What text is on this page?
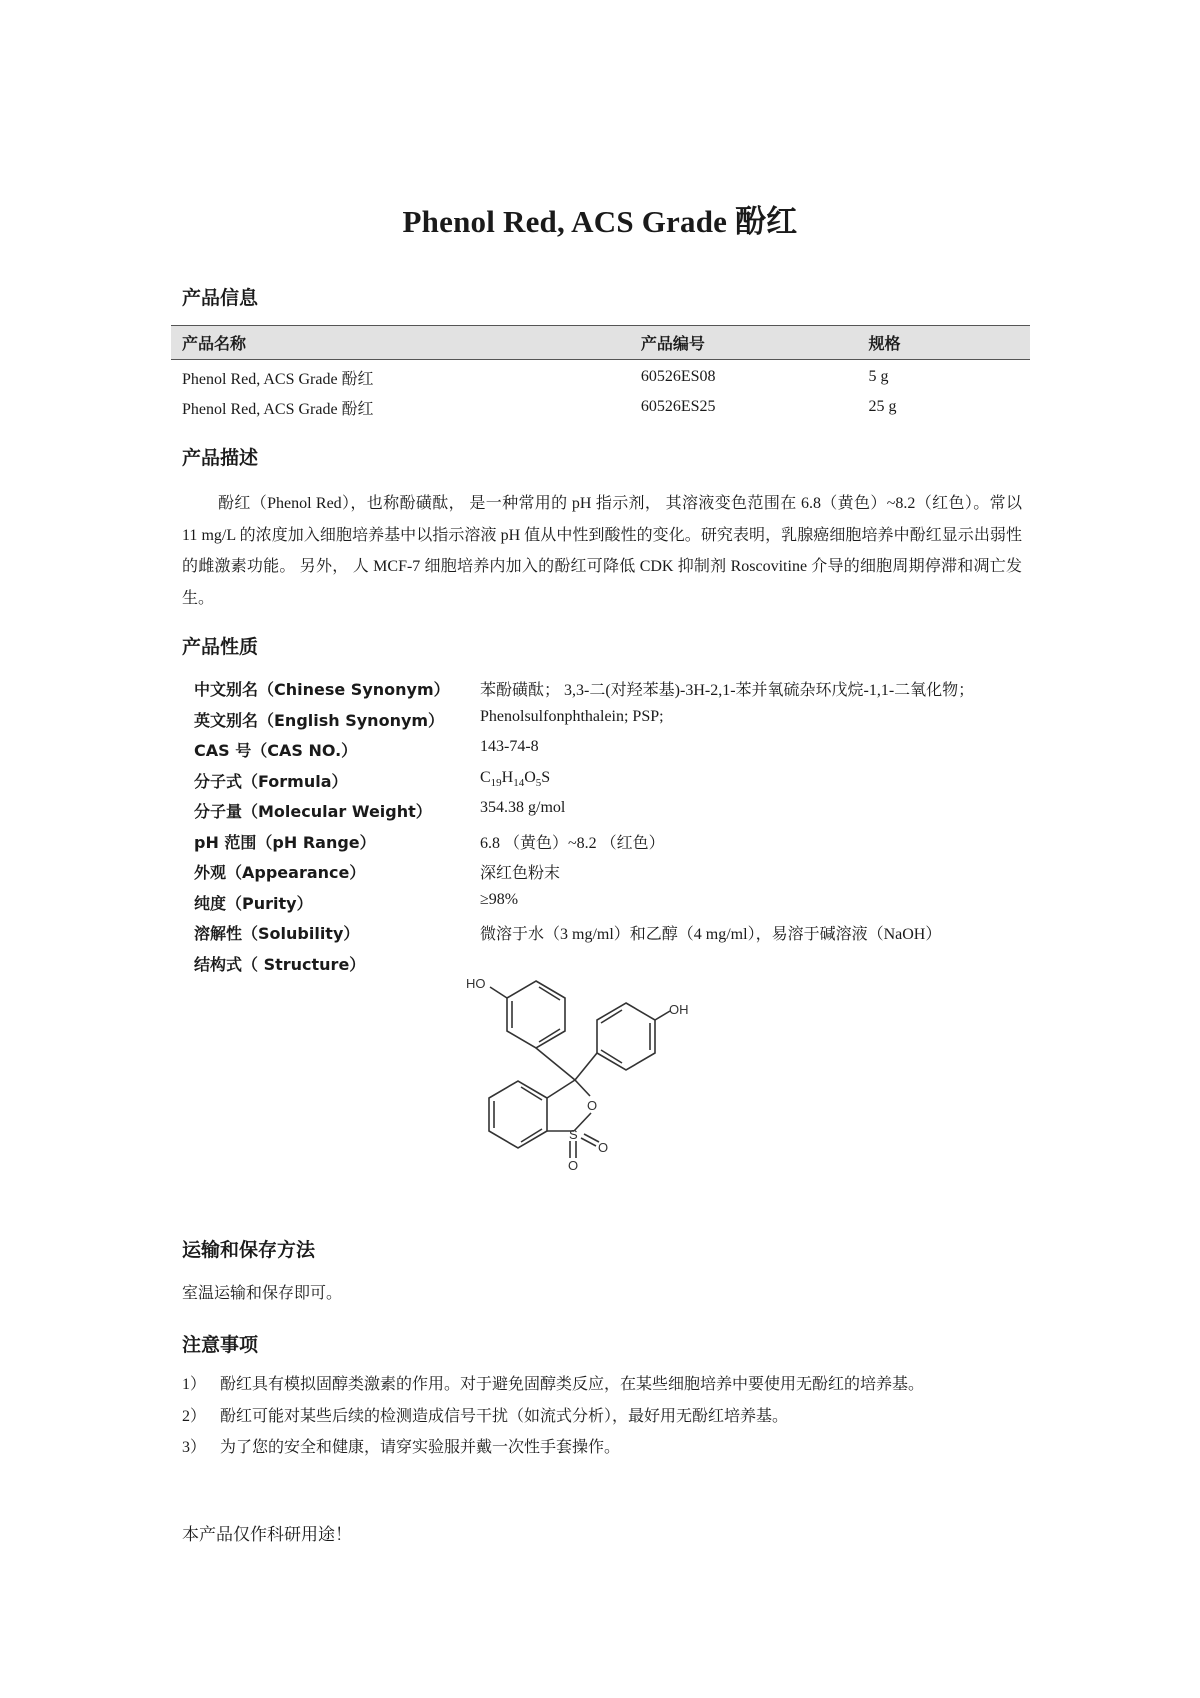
Phenol Red, ACS Grade 酚红
产品信息
产品名称	产品编号	规格
Phenol Red, ACS Grade 酚红	60526ES08	5 g
Phenol Red, ACS Grade 酚红	60526ES25	25 g
产品描述

酚红（Phenol Red），也称酚磺酞， 是一种常用的 pH 指示剂， 其溶液变色范围在 6.8（黄色）~8.2（红色）。常以 11 mg/L 的浓度加入细胞培养基中以指示溶液 pH 值从中性到酸性的变化。研究表明，乳腺癌细胞培养中酚红显示出弱性的雌激素功能。 另外， 人 MCF-7 细胞培养内加入的酚红可降低 CDK 抑制剂 Roscovitine 介导的细胞周期停滞和凋亡发生。

产品性质
中文别名（Chinese Synonym） 苯酚磺酞； 3,3-二(对羟苯基)-3H-2,1-苯并氧硫杂环戊烷-1,1-二氧化物；
英文别名（English Synonym） Phenolsulfonphthalein; PSP;
CAS 号（CAS NO.）	143-74-8
分子式（Formula）	$C_{19}H_{14}O_5S$
分子量（Molecular Weight）	354.38 g/mol
pH 范围（pH Range）	6.8 （黄色）~8.2 （红色）
外观（Appearance）	深红色粉末
纯度（Purity）	≥98%
溶解性（Solubility）	微溶于水（3 mg/ml）和乙醇（4 mg/ml），易溶于碱溶液（NaOH）
结构式（ Structure）
HO
OH
O
S
O
O
运输和保存方法

室温运输和保存即可。

注意事项
1） 酚红具有模拟固醇类激素的作用。对于避免固醇类反应，在某些细胞培养中要使用无酚红的培养基。
2） 酚红可能对某些后续的检测造成信号干扰（如流式分析），最好用无酚红培养基。
3） 为了您的安全和健康，请穿实验服并戴一次性手套操作。

本产品仅作科研用途！
